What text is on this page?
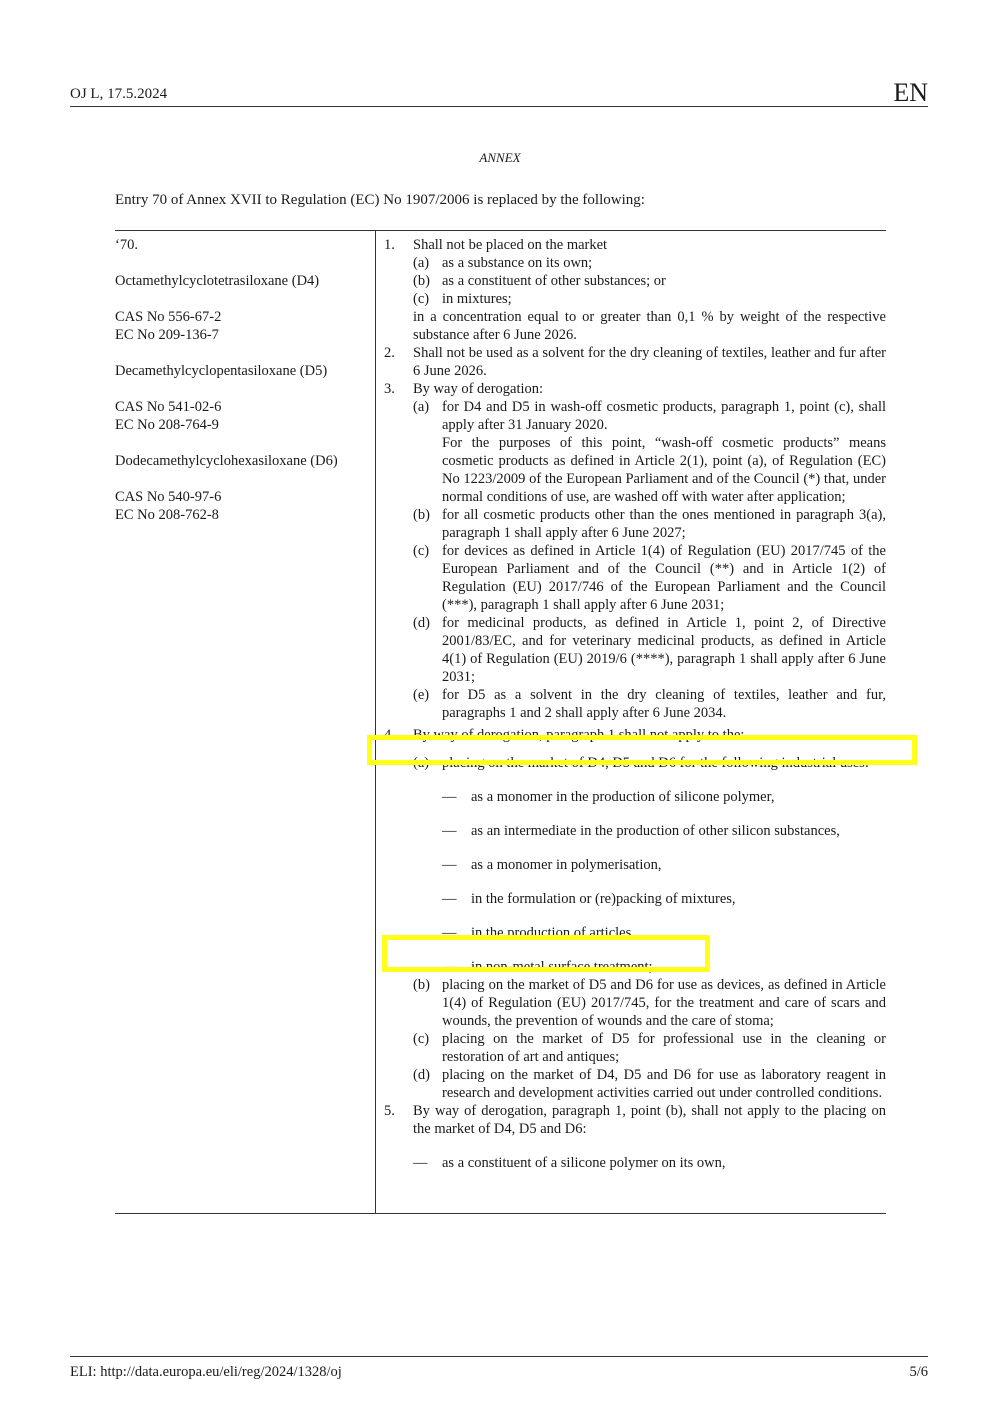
OJ L, 17.5.2024	EN
ANNEX
Entry 70 of Annex XVII to Regulation (EC) No 1907/2006 is replaced by the following:
‘70.
Octamethylcyclotetrasiloxane (D4)
CAS No 556-67-2
EC No 209-136-7
Decamethylcyclopentasiloxane (D5)
CAS No 541-02-6
EC No 208-764-9
Dodecamethylcyclohexasiloxane (D6)
CAS No 540-97-6
EC No 208-762-8
1.	Shall not be placed on the market
(a) as a substance on its own;
(b) as a constituent of other substances; or
(c) in mixtures;
in a concentration equal to or greater than 0,1 % by weight of the respective substance after 6 June 2026.
2.	Shall not be used as a solvent for the dry cleaning of textiles, leather and fur after 6 June 2026.
3.	By way of derogation:
(a) for D4 and D5 in wash-off cosmetic products, paragraph 1, point (c), shall apply after 31 January 2020.
For the purposes of this point, “wash-off cosmetic products” means cosmetic products as defined in Article 2(1), point (a), of Regulation (EC) No 1223/2009 of the European Parliament and of the Council (*) that, under normal conditions of use, are washed off with water after application;
(b) for all cosmetic products other than the ones mentioned in paragraph 3(a), paragraph 1 shall apply after 6 June 2027;
(c) for devices as defined in Article 1(4) of Regulation (EU) 2017/745 of the European Parliament and of the Council (**) and in Article 1(2) of Regulation (EU) 2017/746 of the European Parliament and the Council (***), paragraph 1 shall apply after 6 June 2031;
(d) for medicinal products, as defined in Article 1, point 2, of Directive 2001/83/EC, and for veterinary medicinal products, as defined in Article 4(1) of Regulation (EU) 2019/6 (****), paragraph 1 shall apply after 6 June 2031;
(e) for D5 as a solvent in the dry cleaning of textiles, leather and fur, paragraphs 1 and 2 shall apply after 6 June 2034.
4.	By way of derogation, paragraph 1 shall not apply to the:
(a) placing on the market of D4, D5 and D6 for the following industrial uses:
—	as a monomer in the production of silicone polymer,
—	as an intermediate in the production of other silicon substances,
—	as a monomer in polymerisation,
—	in the formulation or (re)packing of mixtures,
—	in the production of articles,
—	in non-metal surface treatment;
(b) placing on the market of D5 and D6 for use as devices, as defined in Article 1(4) of Regulation (EU) 2017/745, for the treatment and care of scars and wounds, the prevention of wounds and the care of stoma;
(c) placing on the market of D5 for professional use in the cleaning or restoration of art and antiques;
(d) placing on the market of D4, D5 and D6 for use as laboratory reagent in research and development activities carried out under controlled conditions.
5.	By way of derogation, paragraph 1, point (b), shall not apply to the placing on the market of D4, D5 and D6:
—	as a constituent of a silicone polymer on its own,
ELI: http://data.europa.eu/eli/reg/2024/1328/oj	5/6
